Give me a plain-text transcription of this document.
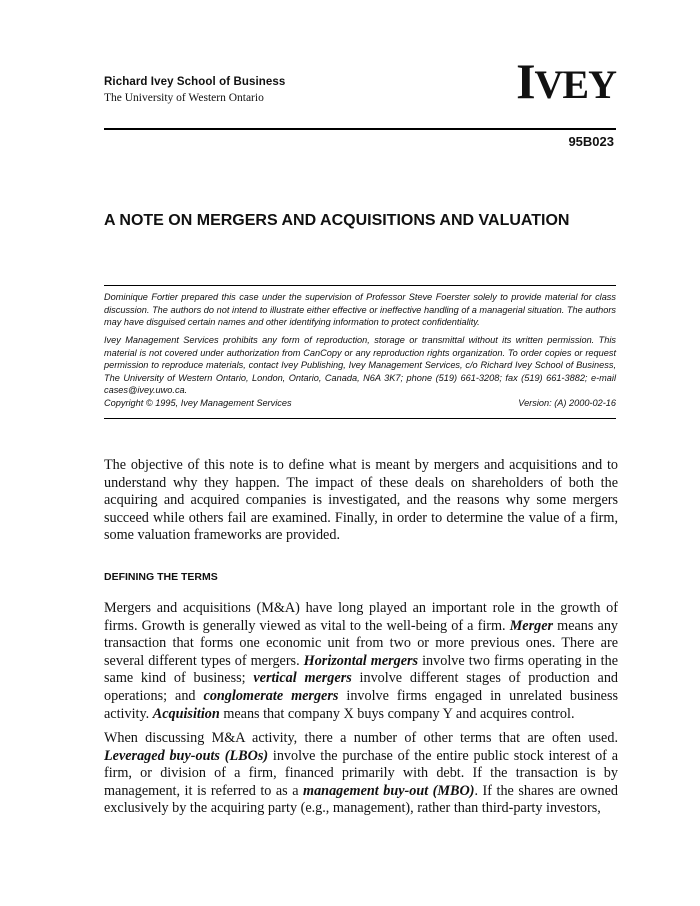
Richard Ivey School of Business
The University of Western Ontario	IVEY
95B023
A NOTE ON MERGERS AND ACQUISITIONS AND VALUATION
Dominique Fortier prepared this case under the supervision of Professor Steve Foerster solely to provide material for class discussion. The authors do not intend to illustrate either effective or ineffective handling of a managerial situation. The authors may have disguised certain names and other identifying information to protect confidentiality.
Ivey Management Services prohibits any form of reproduction, storage or transmittal without its written permission. This material is not covered under authorization from CanCopy or any reproduction rights organization. To order copies or request permission to reproduce materials, contact Ivey Publishing, Ivey Management Services, c/o Richard Ivey School of Business, The University of Western Ontario, London, Ontario, Canada, N6A 3K7; phone (519) 661-3208; fax (519) 661-3882; e-mail cases@ivey.uwo.ca.
Copyright © 1995, Ivey Management Services	Version: (A) 2000-02-16
The objective of this note is to define what is meant by mergers and acquisitions and to understand why they happen. The impact of these deals on shareholders of both the acquiring and acquired companies is investigated, and the reasons why some mergers succeed while others fail are examined. Finally, in order to determine the value of a firm, some valuation frameworks are provided.
DEFINING THE TERMS
Mergers and acquisitions (M&A) have long played an important role in the growth of firms. Growth is generally viewed as vital to the well-being of a firm. Merger means any transaction that forms one economic unit from two or more previous ones. There are several different types of mergers. Horizontal mergers involve two firms operating in the same kind of business; vertical mergers involve different stages of production and operations; and conglomerate mergers involve firms engaged in unrelated business activity. Acquisition means that company X buys company Y and acquires control.
When discussing M&A activity, there a number of other terms that are often used. Leveraged buy-outs (LBOs) involve the purchase of the entire public stock interest of a firm, or division of a firm, financed primarily with debt. If the transaction is by management, it is referred to as a management buy-out (MBO). If the shares are owned exclusively by the acquiring party (e.g., management), rather than third-party investors,
